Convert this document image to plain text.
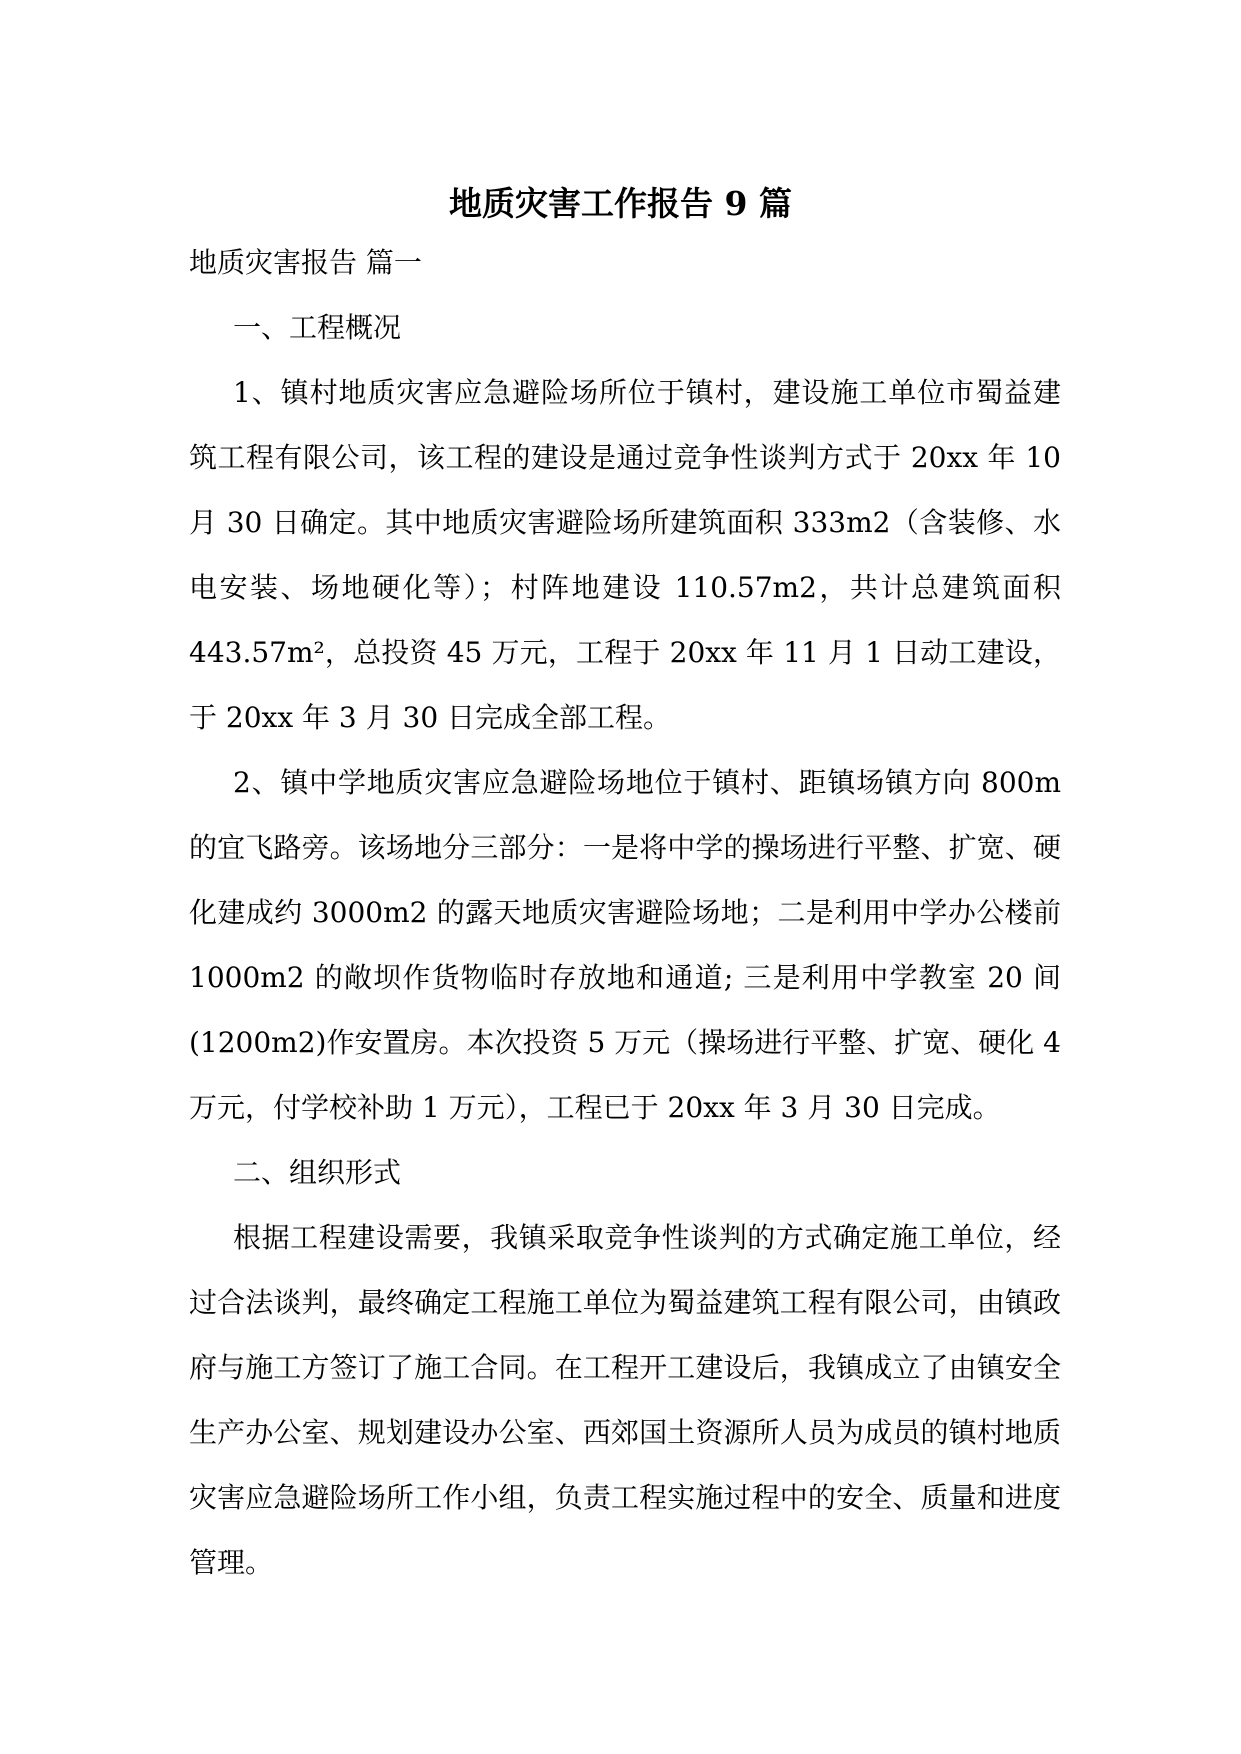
地质灾害工作报告 9 篇

地质灾害报告 篇一

一、工程概况

1、镇村地质灾害应急避险场所位于镇村，建设施工单位市蜀益建筑工程有限公司，该工程的建设是通过竞争性谈判方式于 20xx 年 10 月 30 日确定。其中地质灾害避险场所建筑面积 333m2（含装修、水电安装、场地硬化等）；村阵地建设 110.57m2，共计总建筑面积 443.57m²，总投资 45 万元，工程于 20xx 年 11 月 1 日动工建设，于 20xx 年 3 月 30 日完成全部工程。

2、镇中学地质灾害应急避险场地位于镇村、距镇场镇方向 800m 的宜飞路旁。该场地分三部分：一是将中学的操场进行平整、扩宽、硬化建成约 3000m2 的露天地质灾害避险场地；二是利用中学办公楼前 1000m2 的敞坝作货物临时存放地和通道; 三是利用中学教室 20 间(1200m2)作安置房。本次投资 5 万元（操场进行平整、扩宽、硬化 4 万元，付学校补助 1 万元），工程已于 20xx 年 3 月 30 日完成。

二、组织形式

根据工程建设需要，我镇采取竞争性谈判的方式确定施工单位，经过合法谈判，最终确定工程施工单位为蜀益建筑工程有限公司，由镇政府与施工方签订了施工合同。在工程开工建设后，我镇成立了由镇安全生产办公室、规划建设办公室、西郊国土资源所人员为成员的镇村地质灾害应急避险场所工作小组，负责工程实施过程中的安全、质量和进度管理。
